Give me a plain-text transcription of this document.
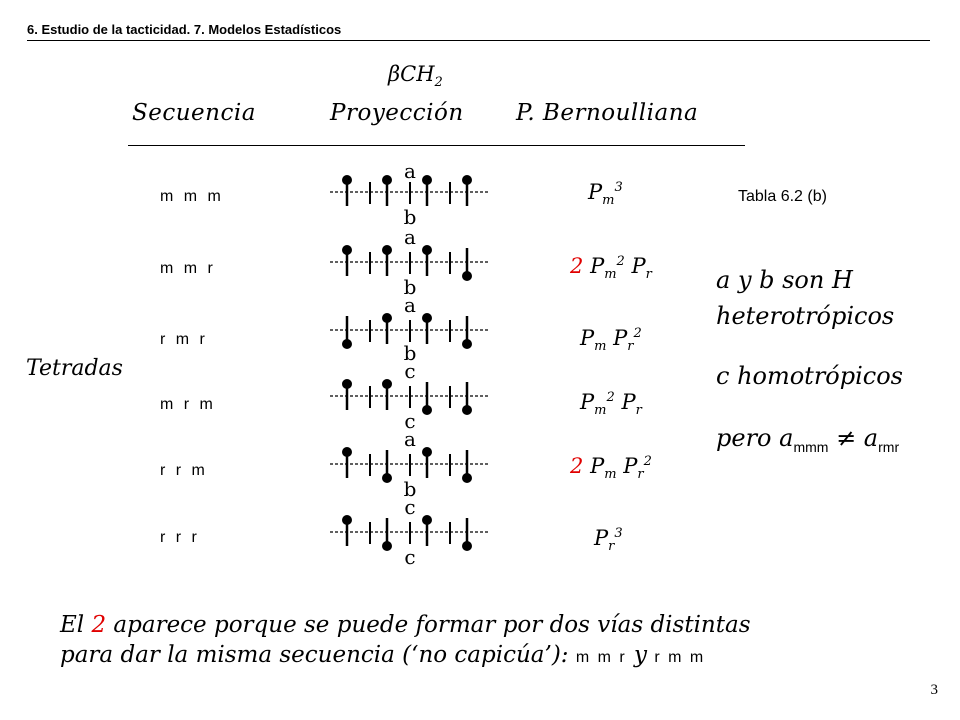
6. Estudio de la tacticidad. 7. Modelos Estadísticos
βCH$_2$
Secuencia	Proyección P. Bernoulliana
Tetradas
Tabla 6.2 (b)
m m m
m m r
r m r
m r m
r r m
r r r
a
b
a
b
a
b
c
c
a
b
c
c
$P_m^3$
2 $P_m^2$ $P_r$
$P_m$ $P_r^2$
$P_m^2$ $P_r$
2 $P_m$ $P_r^2$
$P_r^3$
a y b son H
heterotrópicos
c homotrópicos
pero $a_{mmm} \ne a_{rmr}$
El 2 aparece porque se puede formar por dos vías distintas
para dar la misma secuencia (‘no capicúa’): m m r y r m m
3
